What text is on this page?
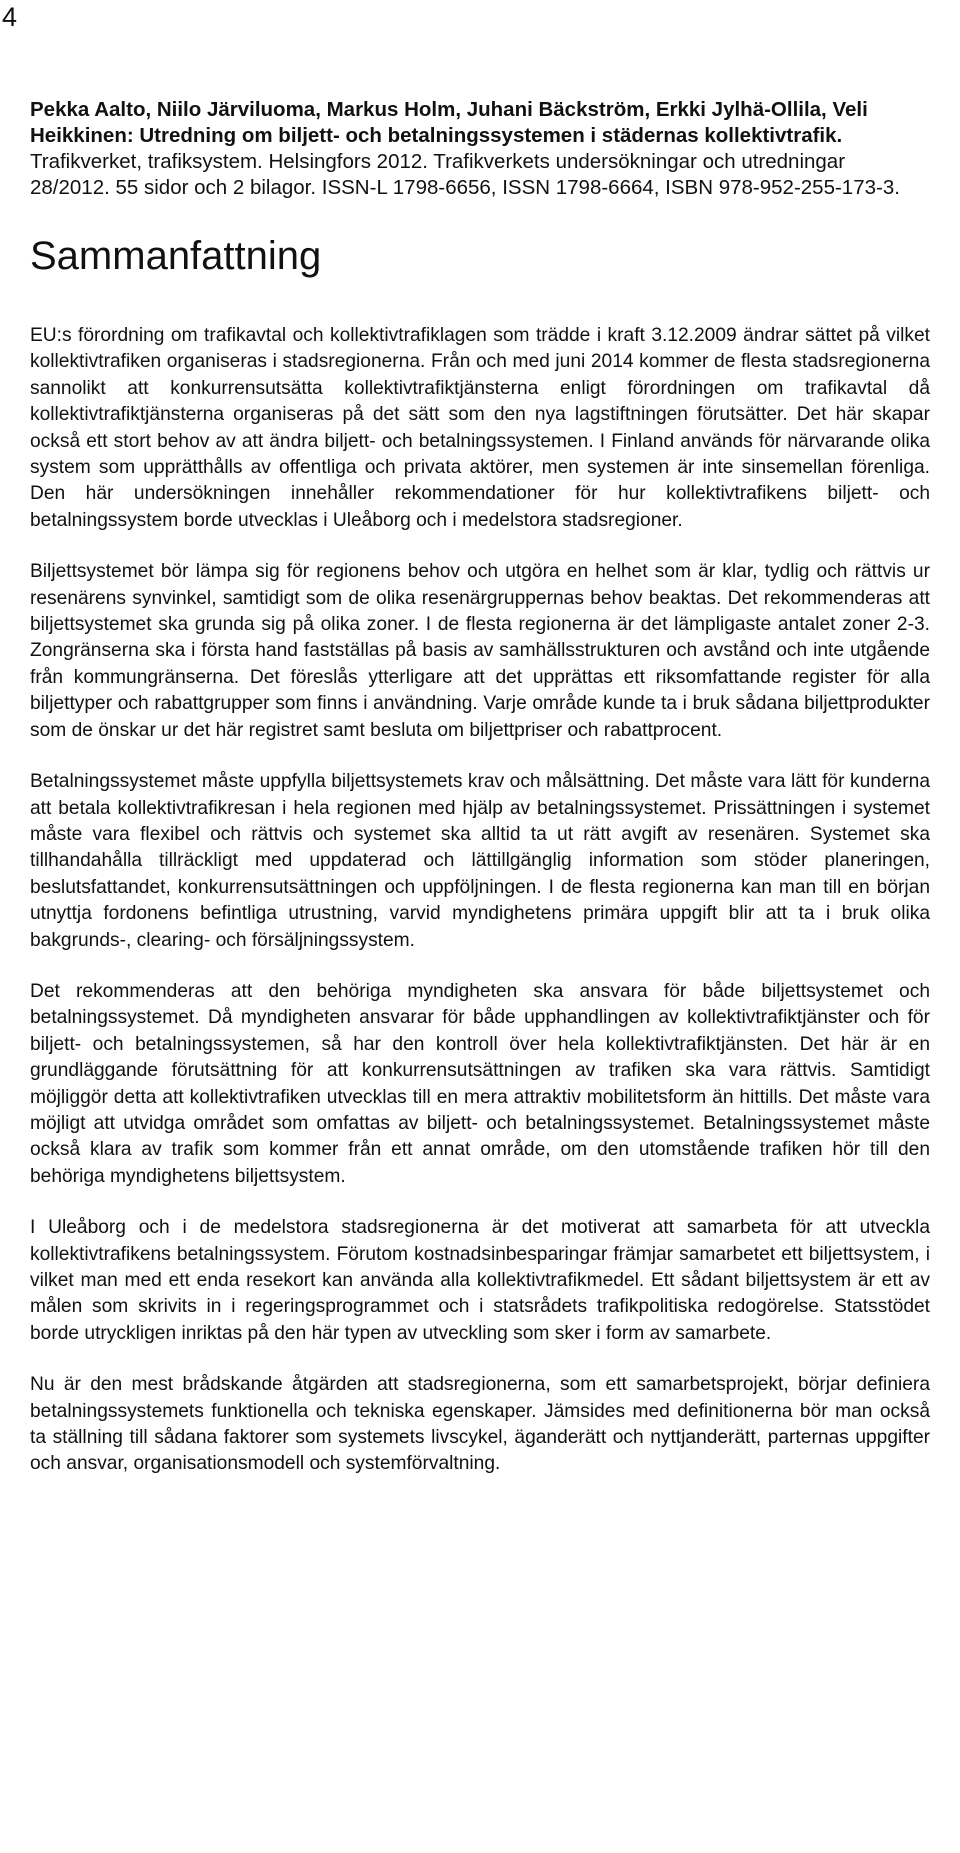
4
Pekka Aalto, Niilo Järviluoma, Markus Holm, Juhani Bäckström, Erkki Jylhä-Ollila, Veli Heikkinen: Utredning om biljett- och betalningssystemen i städernas kollektivtrafik. Trafikverket, trafiksystem. Helsingfors 2012. Trafikverkets undersökningar och utredningar 28/2012. 55 sidor och 2 bilagor. ISSN-L 1798-6656, ISSN 1798-6664, ISBN 978-952-255-173-3.
Sammanfattning

EU:s förordning om trafikavtal och kollektivtrafiklagen som trädde i kraft 3.12.2009 ändrar sättet på vilket kollektivtrafiken organiseras i stadsregionerna. Från och med juni 2014 kommer de flesta stadsregionerna sannolikt att konkurrensutsätta kollektivtrafiktjänsterna enligt förordningen om trafikavtal då kollektivtrafiktjänsterna organiseras på det sätt som den nya lagstiftningen förutsätter. Det här skapar också ett stort behov av att ändra biljett- och betalningssystemen. I Finland används för närvarande olika system som upprätthålls av offentliga och privata aktörer, men systemen är inte sinsemellan förenliga. Den här undersökningen innehåller rekommendationer för hur kollektivtrafikens biljett- och betalningssystem borde utvecklas i Uleåborg och i medelstora stadsregioner.

Biljettsystemet bör lämpa sig för regionens behov och utgöra en helhet som är klar, tydlig och rättvis ur resenärens synvinkel, samtidigt som de olika resenärgruppernas behov beaktas. Det rekommenderas att biljettsystemet ska grunda sig på olika zoner. I de flesta regionerna är det lämpligaste antalet zoner 2-3. Zongränserna ska i första hand fastställas på basis av samhällsstrukturen och avstånd och inte utgående från kommungränserna. Det föreslås ytterligare att det upprättas ett riksomfattande register för alla biljettyper och rabattgrupper som finns i användning. Varje område kunde ta i bruk sådana biljettprodukter som de önskar ur det här registret samt besluta om biljettpriser och rabattprocent.

Betalningssystemet måste uppfylla biljettsystemets krav och målsättning. Det måste vara lätt för kunderna att betala kollektivtrafikresan i hela regionen med hjälp av betalningssystemet. Prissättningen i systemet måste vara flexibel och rättvis och systemet ska alltid ta ut rätt avgift av resenären. Systemet ska tillhandahålla tillräckligt med uppdaterad och lättillgänglig information som stöder planeringen, beslutsfattandet, konkurrensutsättningen och uppföljningen. I de flesta regionerna kan man till en början utnyttja fordonens befintliga utrustning, varvid myndighetens primära uppgift blir att ta i bruk olika bakgrunds-, clearing- och försäljningssystem.

Det rekommenderas att den behöriga myndigheten ska ansvara för både biljettsystemet och betalningssystemet. Då myndigheten ansvarar för både upphandlingen av kollektivtrafiktjänster och för biljett- och betalningssystemen, så har den kontroll över hela kollektivtrafiktjänsten. Det här är en grundläggande förutsättning för att konkurrensutsättningen av trafiken ska vara rättvis. Samtidigt möjliggör detta att kollektivtrafiken utvecklas till en mera attraktiv mobilitetsform än hittills. Det måste vara möjligt att utvidga området som omfattas av biljett- och betalningssystemet. Betalningssystemet måste också klara av trafik som kommer från ett annat område, om den utomstående trafiken hör till den behöriga myndighetens biljettsystem.

I Uleåborg och i de medelstora stadsregionerna är det motiverat att samarbeta för att utveckla kollektivtrafikens betalningssystem. Förutom kostnadsinbesparingar främjar samarbetet ett biljettsystem, i vilket man med ett enda resekort kan använda alla kollektivtrafikmedel. Ett sådant biljettsystem är ett av målen som skrivits in i regeringsprogrammet och i statsrådets trafikpolitiska redogörelse. Statsstödet borde utryckligen inriktas på den här typen av utveckling som sker i form av samarbete.

Nu är den mest brådskande åtgärden att stadsregionerna, som ett samarbetsprojekt, börjar definiera betalningssystemets funktionella och tekniska egenskaper. Jämsides med definitionerna bör man också ta ställning till sådana faktorer som systemets livscykel, äganderätt och nyttjanderätt, parternas uppgifter och ansvar, organisationsmodell och systemförvaltning.
